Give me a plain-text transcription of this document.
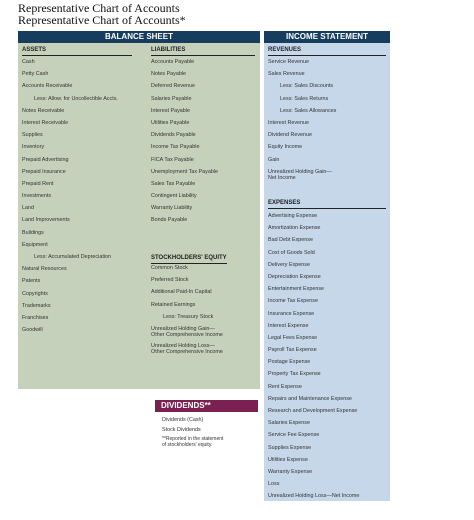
Representative Chart of Accounts
Representative Chart of Accounts*
BALANCE SHEET
ASSETS
Cash
Petty Cash
Accounts Receivable
Less: Allow. for Uncollectible Accts.
Notes Receivable
Interest Receivable
Supplies
Inventory
Prepaid Advertising
Prepaid Insurance
Prepaid Rent
Investments
Land
Land Improvements
Buildings
Equipment
Less: Accumulated Depreciation
Natural Resources
Patents
Copyrights
Trademarks
Franchises
Goodwill
LIABILITIES
Accounts Payable
Notes Payable
Deferred Revenue
Salaries Payable
Interest Payable
Utilities Payable
Dividends Payable
Income Tax Payable
FICA Tax Payable
Unemployment Tax Payable
Sales Tax Payable
Contingent Liability
Warranty Liability
Bonds Payable
STOCKHOLDERS' EQUITY
Common Stock
Preferred Stock
Additional Paid-In Capital
Retained Earnings
Less: Treasury Stock
Unrealized Holding Gain—
Other Comprehensive Income
Unrealized Holding Loss—
Other Comprehensive Income
INCOME STATEMENT
REVENUES
Service Revenue
Sales Revenue
Less: Sales Discounts
Less: Sales Returns
Less: Sales Allowances
Interest Revenue
Dividend Revenue
Equity Income
Gain
Unrealized Holding Gain—
Net Income
EXPENSES
Advertising Expense
Amortization Expense
Bad Debt Expense
Cost of Goods Sold
Delivery Expense
Depreciation Expense
Entertainment Expense
Income Tax Expense
Insurance Expense
Interest Expense
Legal Fees Expense
Payroll Tax Expense
Postage Expense
Property Tax Expense
Rent Expense
Repairs and Maintenance Expense
Research and Development Expense
Salaries Expense
Service Fee Expense
Supplies Expense
Utilities Expense
Warranty Expense
Loss
Unrealized Holding Loss—Net Income
DIVIDENDS**
Dividends (Cash)
Stock Dividends
**Reported in the statement
of stockholders' equity.
